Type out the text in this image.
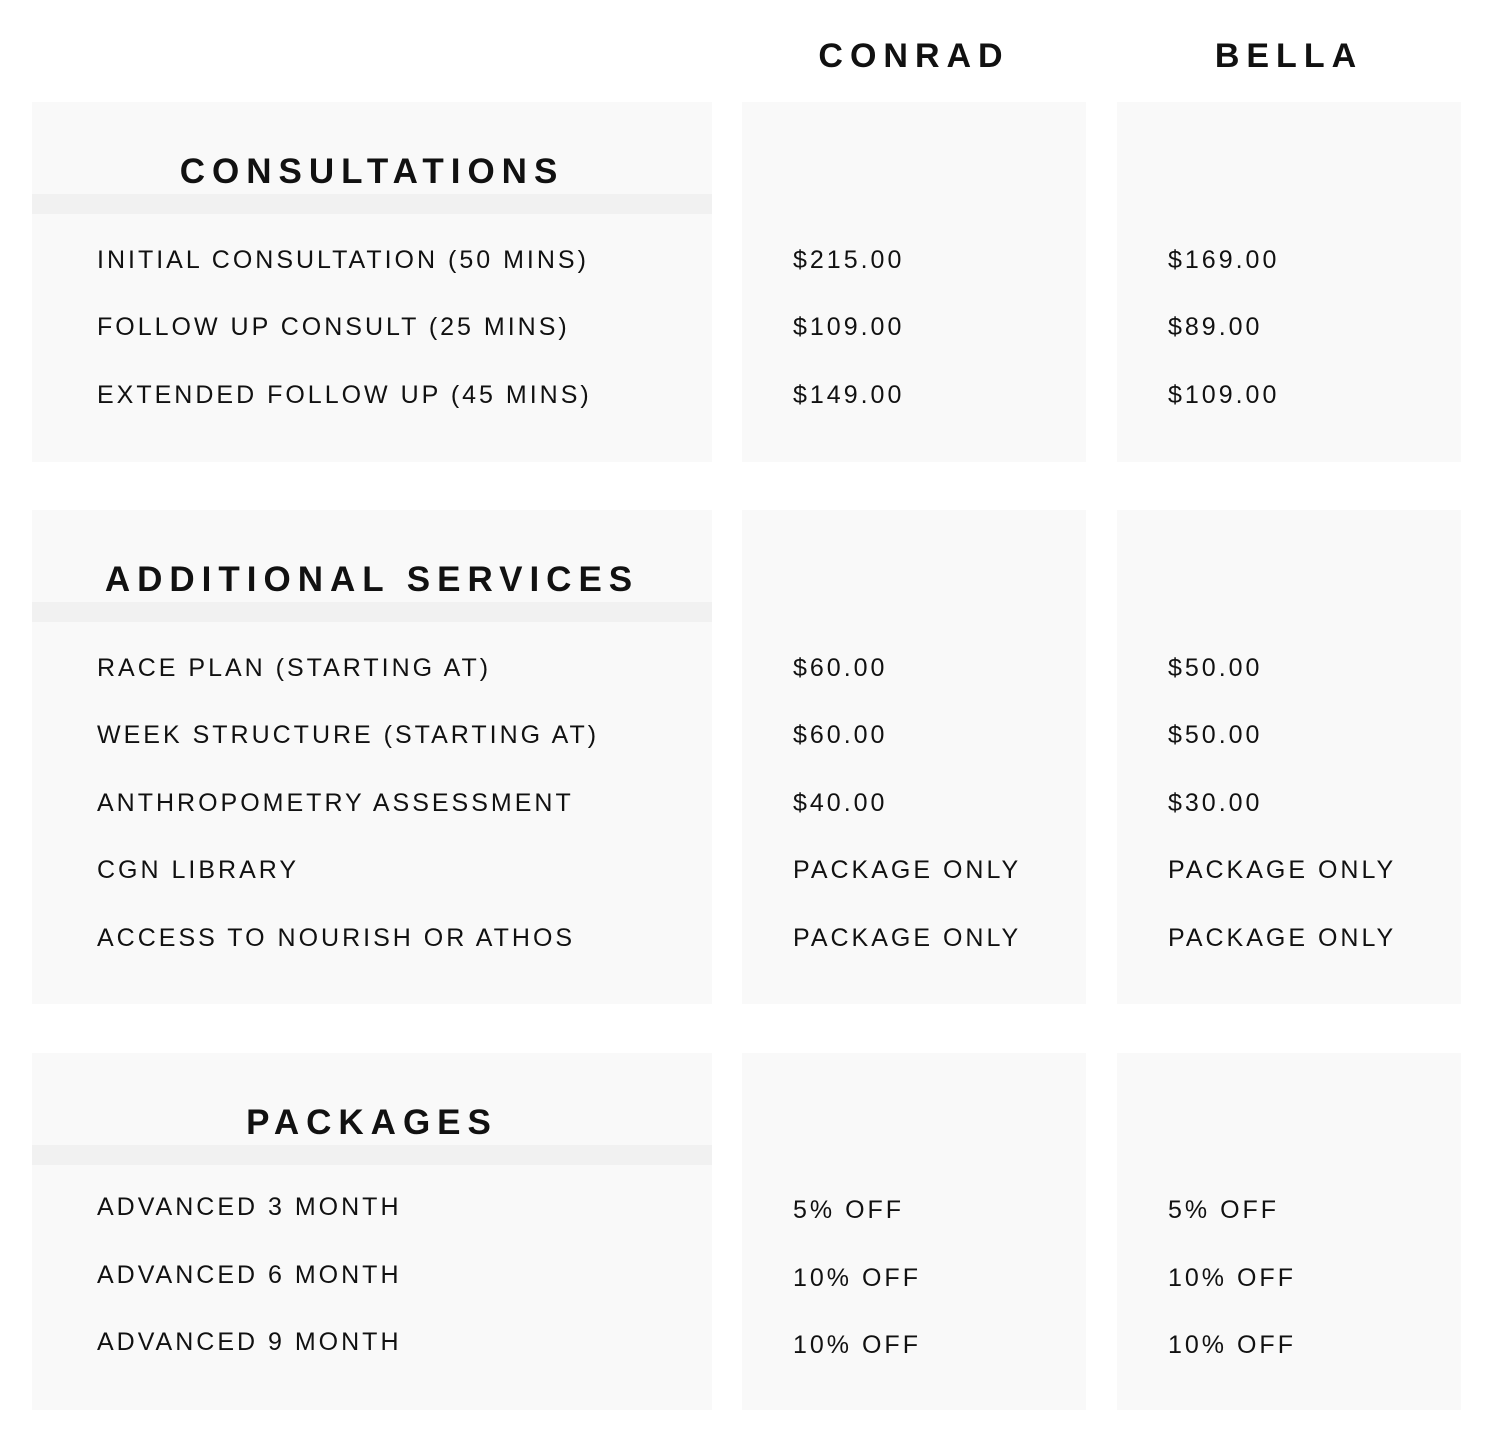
CONRAD	BELLA
CONSULTATIONS
INITIAL CONSULTATION (50 MINS)
FOLLOW UP CONSULT (25 MINS)
EXTENDED FOLLOW UP (45 MINS)
$215.00
$109.00
$149.00
$169.00
$89.00
$109.00
ADDITIONAL SERVICES
RACE PLAN (STARTING AT)
WEEK STRUCTURE (STARTING AT)
ANTHROPOMETRY ASSESSMENT
CGN LIBRARY
ACCESS TO NOURISH OR ATHOS
$60.00
$60.00
$40.00
PACKAGE ONLY
PACKAGE ONLY
$50.00
$50.00
$30.00
PACKAGE ONLY
PACKAGE ONLY
PACKAGES
ADVANCED 3 MONTH
ADVANCED 6 MONTH
ADVANCED 9 MONTH
5% OFF
10% OFF
10% OFF
5% OFF
10% OFF
10% OFF
